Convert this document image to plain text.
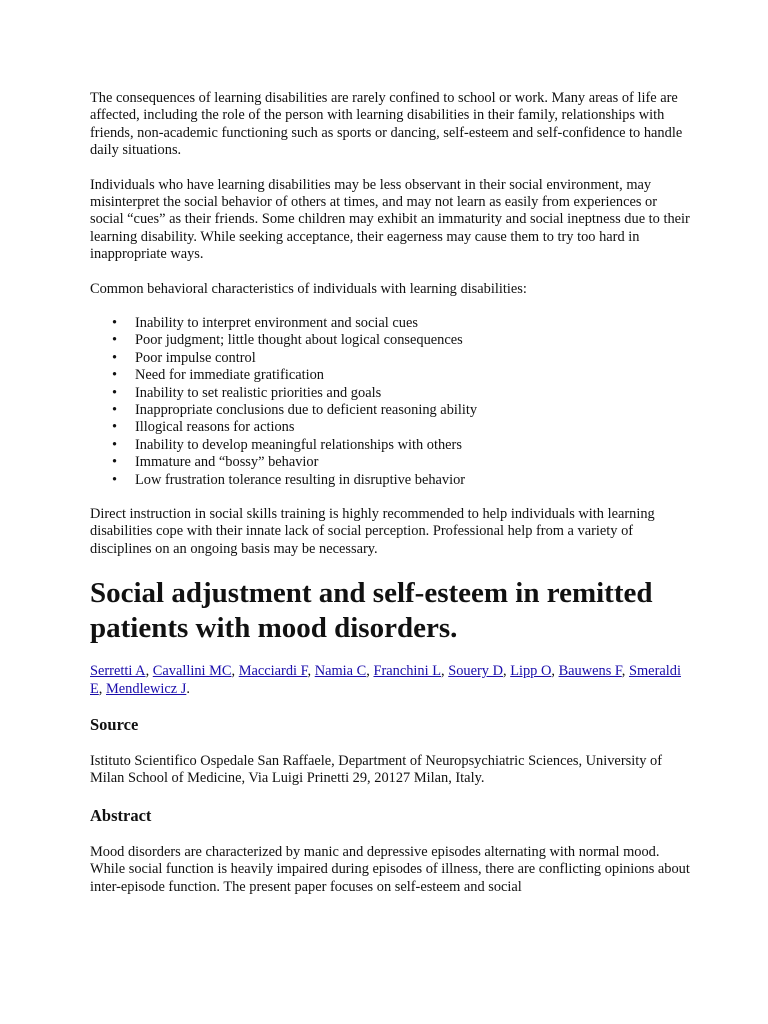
The consequences of learning disabilities are rarely confined to school or work. Many areas of life are affected, including the role of the person with learning disabilities in their family, relationships with friends, non-academic functioning such as sports or dancing, self-esteem and self-confidence to handle daily situations.

Individuals who have learning disabilities may be less observant in their social environment, may misinterpret the social behavior of others at times, and may not learn as easily from experiences or social “cues” as their friends. Some children may exhibit an immaturity and social ineptness due to their learning disability. While seeking acceptance, their eagerness may cause them to try too hard in inappropriate ways.

Common behavioral characteristics of individuals with learning disabilities:

• Inability to interpret environment and social cues
• Poor judgment; little thought about logical consequences
• Poor impulse control
• Need for immediate gratification
• Inability to set realistic priorities and goals
• Inappropriate conclusions due to deficient reasoning ability
• Illogical reasons for actions
• Inability to develop meaningful relationships with others
• Immature and “bossy” behavior
• Low frustration tolerance resulting in disruptive behavior

Direct instruction in social skills training is highly recommended to help individuals with learning disabilities cope with their innate lack of social perception. Professional help from a variety of disciplines on an ongoing basis may be necessary.

Social adjustment and self-esteem in remitted patients with mood disorders.

Serretti A, Cavallini MC, Macciardi F, Namia C, Franchini L, Souery D, Lipp O, Bauwens F, Smeraldi E, Mendlewicz J.

Source

Istituto Scientifico Ospedale San Raffaele, Department of Neuropsychiatric Sciences, University of Milan School of Medicine, Via Luigi Prinetti 29, 20127 Milan, Italy.

Abstract

Mood disorders are characterized by manic and depressive episodes alternating with normal mood. While social function is heavily impaired during episodes of illness, there are conflicting opinions about inter-episode function. The present paper focuses on self-esteem and social
